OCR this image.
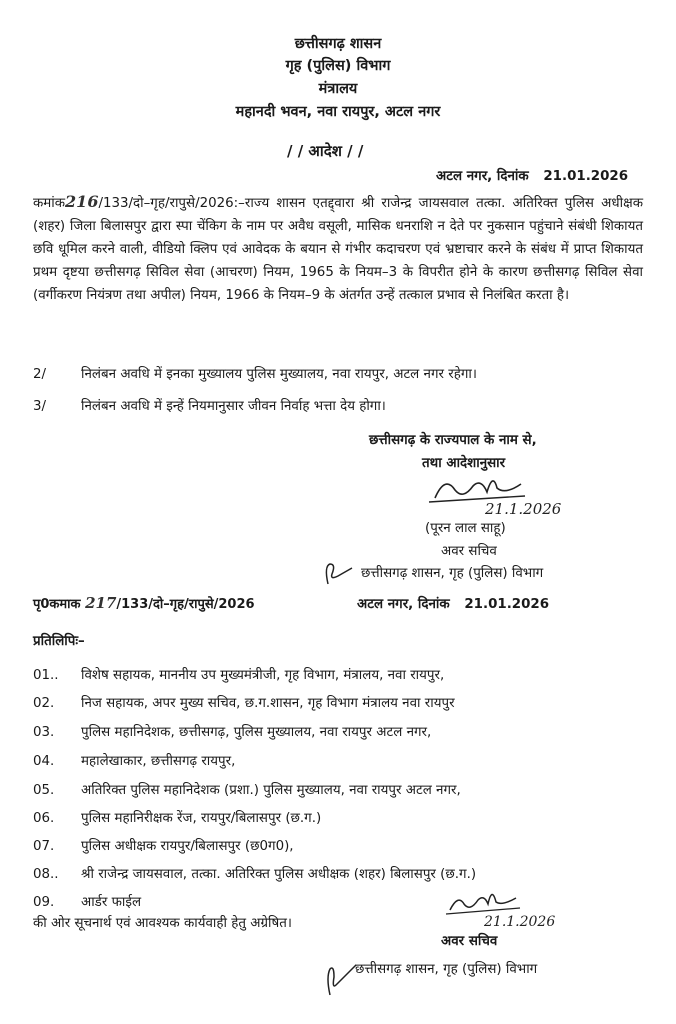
छत्तीसगढ़ शासन
गृह (पुलिस) विभाग
मंत्रालय
महानदी भवन, नवा रायपुर, अटल नगर
/ / आदेश / /
अटल नगर, दिनांक 21.01.2026
कमांक216/133/दो–गृह/रापुसे/2026:–राज्य शासन एतद्द्वारा श्री राजेन्द्र जायसवाल तत्का. अतिरिक्त पुलिस अधीक्षक (शहर) जिला बिलासपुर द्वारा स्पा चेंकिग के नाम पर अवैध वसूली, मासिक धनराशि न देते पर नुकसान पहुंचाने संबंधी शिकायत छवि धूमिल करने वाली, वीडियो क्लिप एवं आवेदक के बयान से गंभीर कदाचरण एवं भ्रष्टाचार करने के संबंध में प्राप्त शिकायत प्रथम दृष्टया छत्तीसगढ़ सिविल सेवा (आचरण) नियम, 1965 के नियम–3 के विपरीत होने के कारण छत्तीसगढ़ सिविल सेवा (वर्गीकरण नियंत्रण तथा अपील) नियम, 1966 के नियम–9 के अंतर्गत उन्हें तत्काल प्रभाव से निलंबित करता है।
2/	निलंबन अवधि में इनका मुख्यालय पुलिस मुख्यालय, नवा रायपुर, अटल नगर रहेगा।
3/	निलंबन अवधि में इन्हें नियमानुसार जीवन निर्वाह भत्ता देय होगा।
छत्तीसगढ़ के राज्यपाल के नाम से,
तथा आदेशानुसार
21.1.2026
(पूरन लाल साहू)
अवर सचिव
छत्तीसगढ़ शासन, गृह (पुलिस) विभाग
पृ0कमाक 217/133/दो–गृह/रापुसे/2026	अटल नगर, दिनांक 21.01.2026
प्रतिलिपिः–
01.. विशेष सहायक, माननीय उप मुख्यमंत्रीजी, गृह विभाग, मंत्रालय, नवा रायपुर,
02. निज सहायक, अपर मुख्य सचिव, छ.ग.शासन, गृह विभाग मंत्रालय नवा रायपुर
03. पुलिस महानिदेशक, छत्तीसगढ़, पुलिस मुख्यालय, नवा रायपुर अटल नगर,
04. महालेखाकार, छत्तीसगढ़ रायपुर,
05. अतिरिक्त पुलिस महानिदेशक (प्रशा.) पुलिस मुख्यालय, नवा रायपुर अटल नगर,
06. पुलिस महानिरीक्षक रेंज, रायपुर/बिलासपुर (छ.ग.)
07. पुलिस अधीक्षक रायपुर/बिलासपुर (छ0ग0),
08.. श्री राजेन्द्र जायसवाल, तत्का. अतिरिक्त पुलिस अधीक्षक (शहर) बिलासपुर (छ.ग.)
09. आर्डर फाईल
की ओर सूचनार्थ एवं आवश्यक कार्यवाही हेतु अग्रेषित।	21.1.2026
अवर सचिव
छत्तीसगढ़ शासन, गृह (पुलिस) विभाग
